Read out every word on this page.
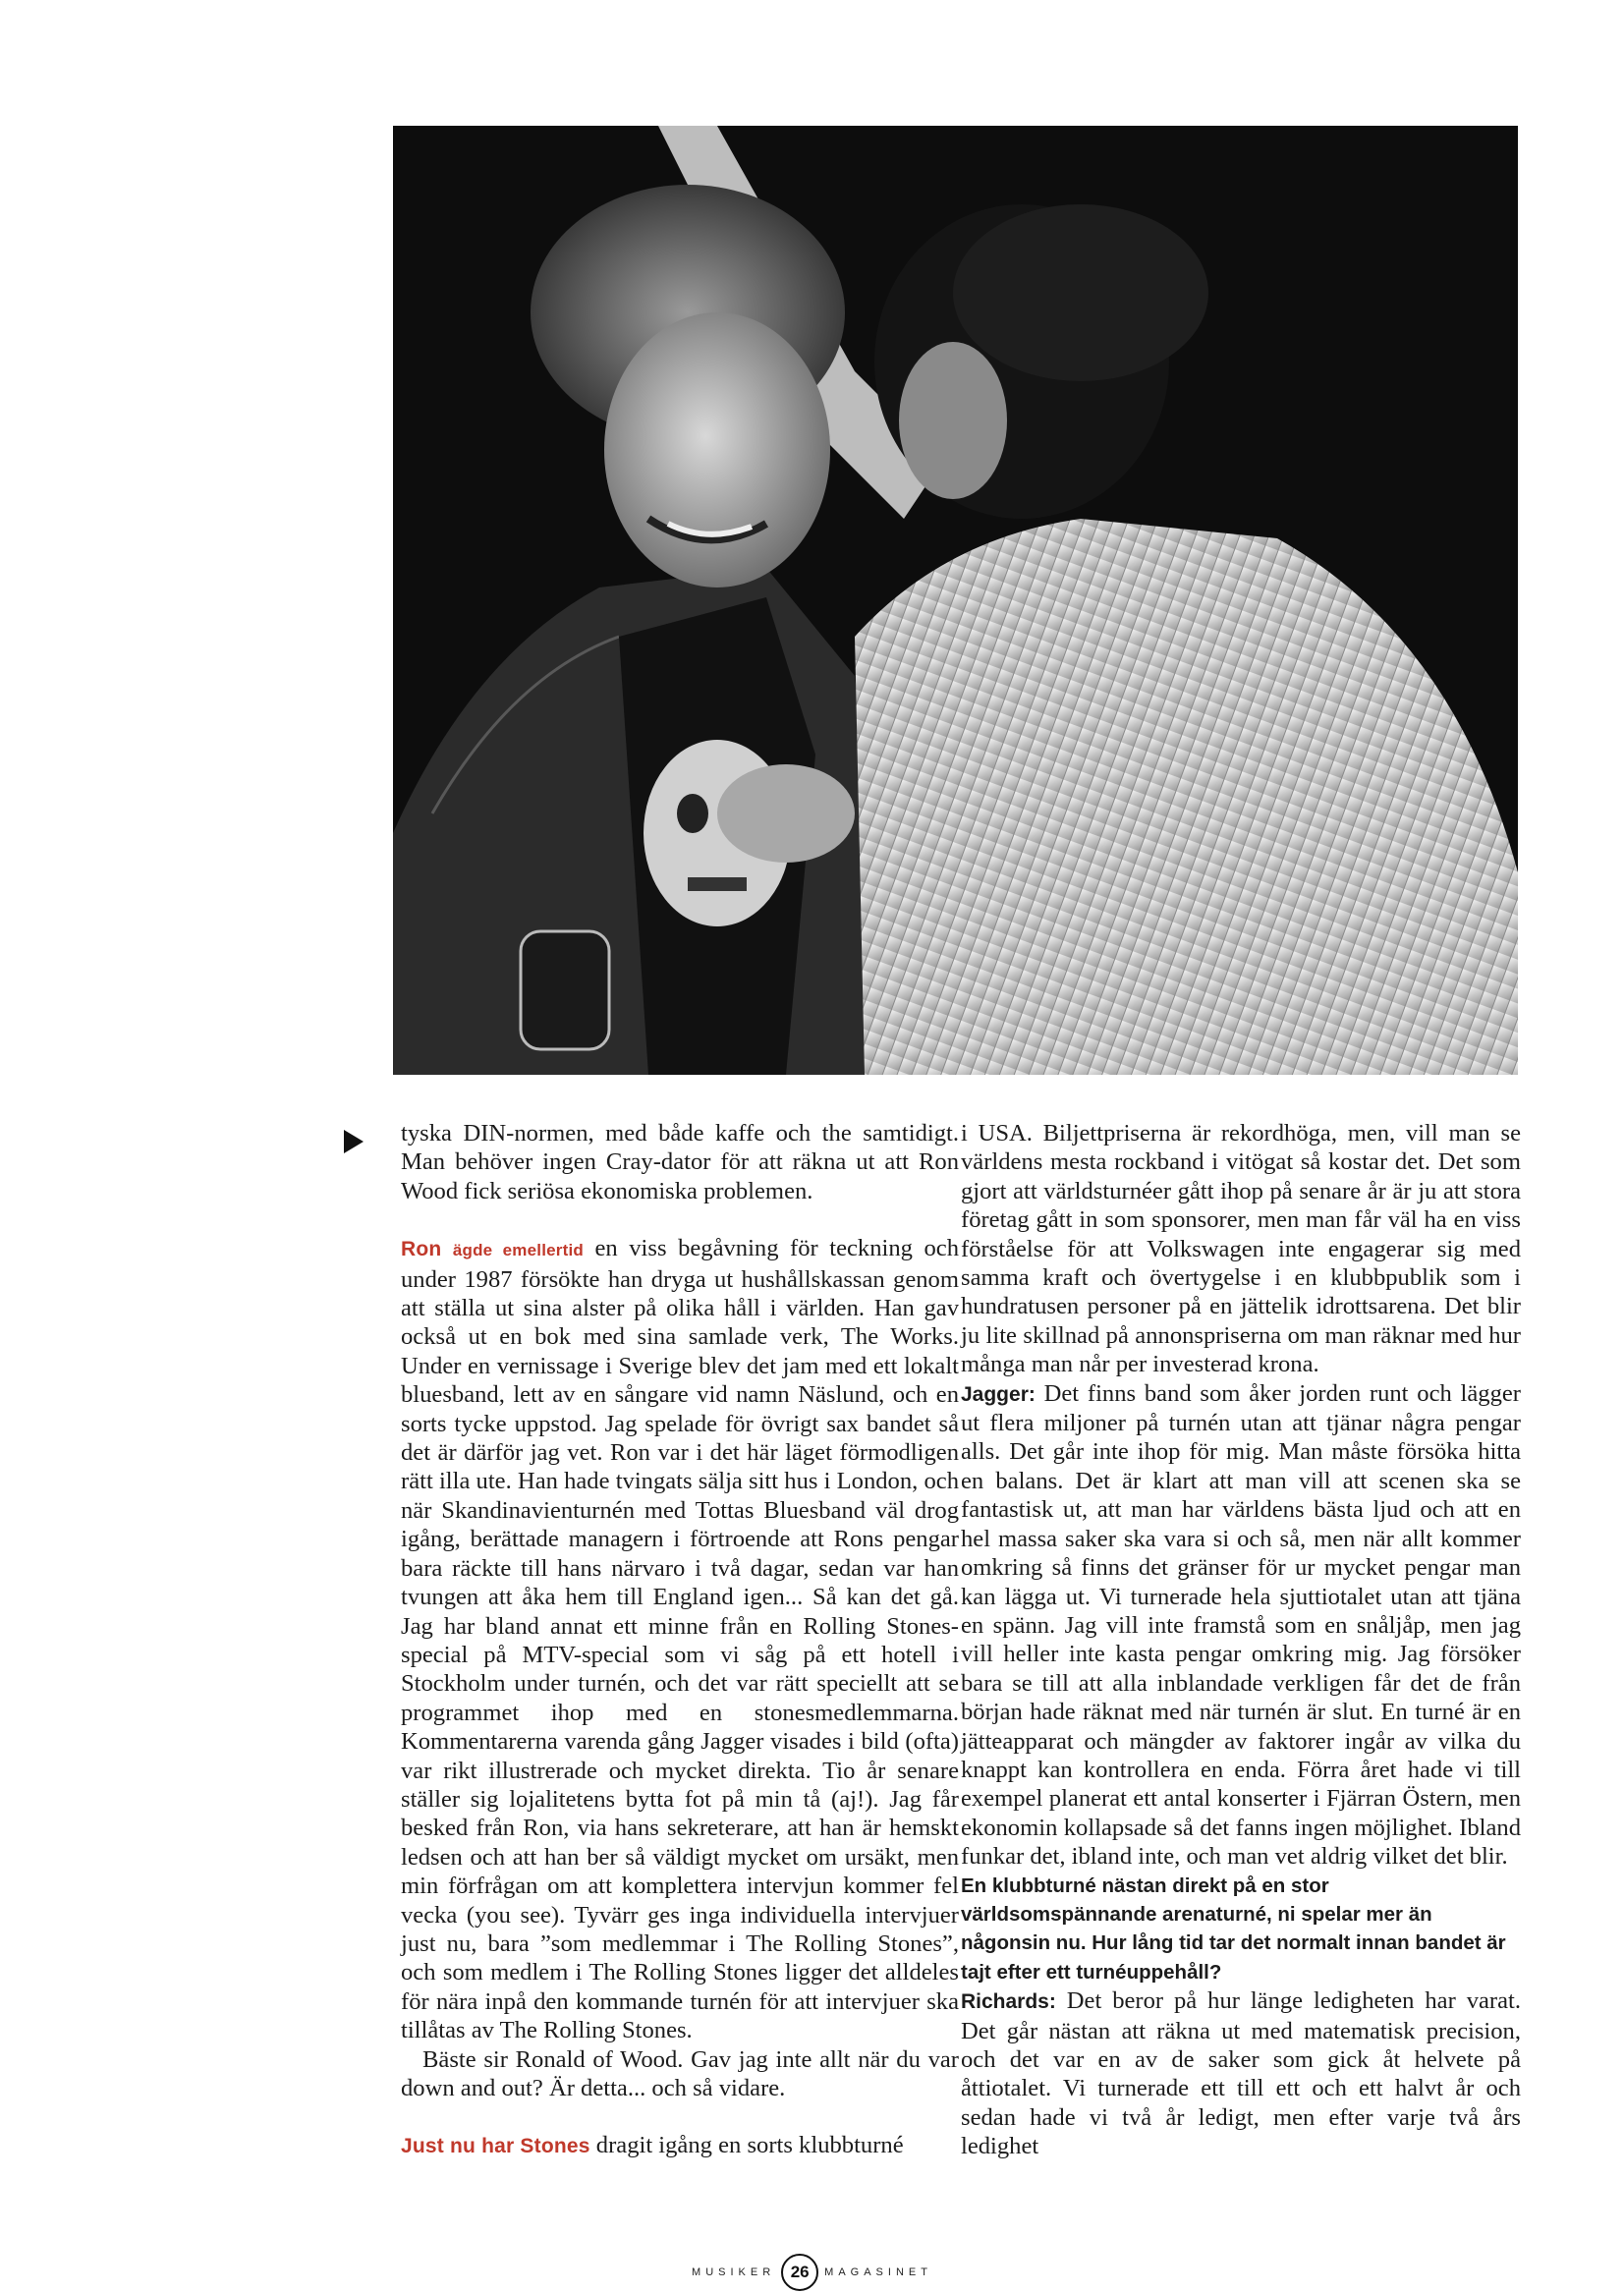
tyska DIN-normen, med både kaffe och the samtidigt. Man behöver ingen Cray-dator för att räkna ut att Ron Wood fick seriösa ekonomiska problemen.

Ron ägde emellertid en viss begåvning för teckning och under 1987 försökte han dryga ut hushållskassan genom att ställa ut sina alster på olika håll i världen. Han gav också ut en bok med sina samlade verk, The Works. Under en vernissage i Sverige blev det jam med ett lokalt bluesband, lett av en sångare vid namn Näslund, och en sorts tycke uppstod. Jag spelade för övrigt sax bandet så det är därför jag vet. Ron var i det här läget förmodligen rätt illa ute. Han hade tvingats sälja sitt hus i London, och när Skandinavienturnén med Tottas Bluesband väl drog igång, berättade managern i förtroende att Rons pengar bara räckte till hans närvaro i två dagar, sedan var han tvungen att åka hem till England igen... Så kan det gå. Jag har bland annat ett minne från en Rolling Stones-special på MTV-special som vi såg på ett hotell i Stockholm under turnén, och det var rätt speciellt att se programmet ihop med en stonesmedlemmarna. Kommentarerna varenda gång Jagger visades i bild (ofta) var rikt illustrerade och mycket direkta. Tio år senare ställer sig lojalitetens bytta fot på min tå (aj!). Jag får besked från Ron, via hans sekreterare, att han är hemskt ledsen och att han ber så väldigt mycket om ursäkt, men min förfrågan om att komplettera intervjun kommer fel vecka (you see). Tyvärr ges inga individuella intervjuer just nu, bara ”som medlemmar i The Rolling Stones”, och som medlem i The Rolling Stones ligger det alldeles för nära inpå den kommande turnén för att intervjuer ska tillåtas av The Rolling Stones.

Bäste sir Ronald of Wood. Gav jag inte allt när du var down and out? Är detta... och så vidare.

Just nu har Stones dragit igång en sorts klubbturné

i USA. Biljettpriserna är rekordhöga, men, vill man se världens mesta rockband i vitögat så kostar det. Det som gjort att världsturnéer gått ihop på senare år är ju att stora företag gått in som sponsorer, men man får väl ha en viss förståelse för att Volkswagen inte engagerar sig med samma kraft och övertygelse i en klubbpublik som i hundratusen personer på en jättelik idrottsarena. Det blir ju lite skillnad på annonspriserna om man räknar med hur många man når per investerad krona.

Jagger: Det finns band som åker jorden runt och lägger ut flera miljoner på turnén utan att tjänar några pengar alls. Det går inte ihop för mig. Man måste försöka hitta en balans. Det är klart att man vill att scenen ska se fantastisk ut, att man har världens bästa ljud och att en hel massa saker ska vara si och så, men när allt kommer omkring så finns det gränser för ur mycket pengar man kan lägga ut. Vi turnerade hela sjuttiotalet utan att tjäna en spänn. Jag vill inte framstå som en snåljåp, men jag vill heller inte kasta pengar omkring mig. Jag försöker bara se till att alla inblandade verkligen får det de från början hade räknat med när turnén är slut. En turné är en jätteapparat och mängder av faktorer ingår av vilka du knappt kan kontrollera en enda. Förra året hade vi till exempel planerat ett antal konserter i Fjärran Östern, men ekonomin kollapsade så det fanns ingen möjlighet. Ibland funkar det, ibland inte, och man vet aldrig vilket det blir.

En klubbturné nästan direkt på en stor världsomspännande arenaturné, ni spelar mer än någonsin nu. Hur lång tid tar det normalt innan bandet är tajt efter ett turnéuppehåll?

Richards: Det beror på hur länge ledigheten har varat. Det går nästan att räkna ut med matematisk precision, och det var en av de saker som gick åt helvete på åttiotalet. Vi turnerade ett till ett och ett halvt år och sedan hade vi två år ledigt, men efter varje två års ledighet

MUSIKER 26	MAGASINET
